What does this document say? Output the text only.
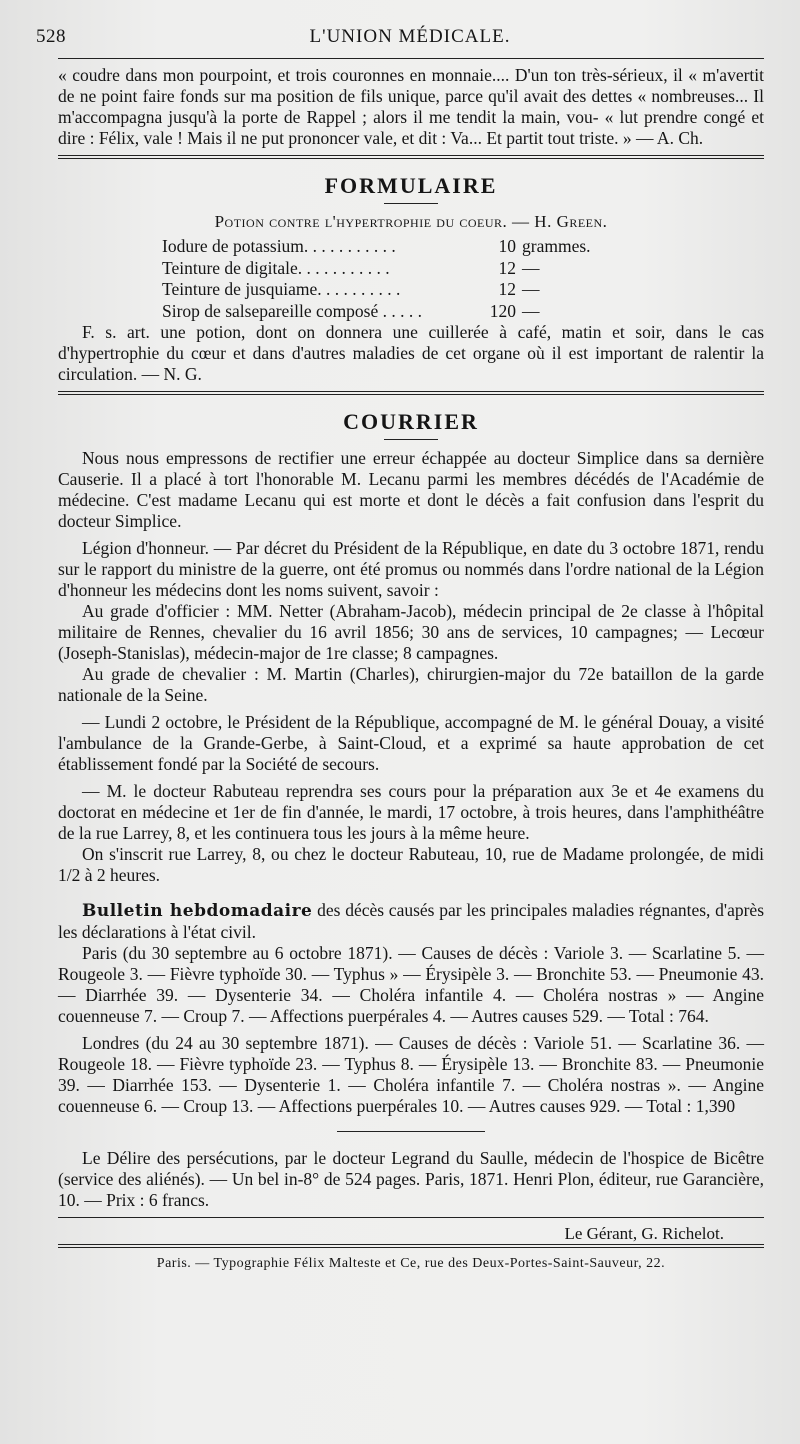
528	L'UNION MÉDICALE.

« coudre dans mon pourpoint, et trois couronnes en monnaie.... D'un ton très-sérieux, il « m'avertit de ne point faire fonds sur ma position de fils unique, parce qu'il avait des dettes « nombreuses... Il m'accompagna jusqu'à la porte de Rappel ; alors il me tendit la main, vou- « lut prendre congé et dire : Félix, vale ! Mais il ne put prononcer vale, et dit : Va... Et partit tout triste. » — A. Ch.

FORMULAIRE
Potion contre l'hypertrophie du coeur. — H. Green.
Iodure de potassium. . . . . . . . . . .	10 grammes.
Teinture de digitale. . . . . . . . . . .	12 —
Teinture de jusquiame. . . . . . . . . .	12 —
Sirop de salsepareille composé . . . . .	120 —

F. s. art. une potion, dont on donnera une cuillerée à café, matin et soir, dans le cas d'hypertrophie du cœur et dans d'autres maladies de cet organe où il est important de ralentir la circulation. — N. G.

COURRIER

Nous nous empressons de rectifier une erreur échappée au docteur Simplice dans sa dernière Causerie. Il a placé à tort l'honorable M. Lecanu parmi les membres décédés de l'Académie de médecine. C'est madame Lecanu qui est morte et dont le décès a fait confusion dans l'esprit du docteur Simplice.

Légion d'honneur. — Par décret du Président de la République, en date du 3 octobre 1871, rendu sur le rapport du ministre de la guerre, ont été promus ou nommés dans l'ordre national de la Légion d'honneur les médecins dont les noms suivent, savoir :

Au grade d'officier : MM. Netter (Abraham-Jacob), médecin principal de 2e classe à l'hôpital militaire de Rennes, chevalier du 16 avril 1856; 30 ans de services, 10 campagnes; — Lecœur (Joseph-Stanislas), médecin-major de 1re classe; 8 campagnes.

Au grade de chevalier : M. Martin (Charles), chirurgien-major du 72e bataillon de la garde nationale de la Seine.

— Lundi 2 octobre, le Président de la République, accompagné de M. le général Douay, a visité l'ambulance de la Grande-Gerbe, à Saint-Cloud, et a exprimé sa haute approbation de cet établissement fondé par la Société de secours.

— M. le docteur Rabuteau reprendra ses cours pour la préparation aux 3e et 4e examens du doctorat en médecine et 1er de fin d'année, le mardi, 17 octobre, à trois heures, dans l'amphithéâtre de la rue Larrey, 8, et les continuera tous les jours à la même heure.

On s'inscrit rue Larrey, 8, ou chez le docteur Rabuteau, 10, rue de Madame prolongée, de midi 1/2 à 2 heures.

Bulletin hebdomadaire des décès causés par les principales maladies régnantes, d'après les déclarations à l'état civil.

Paris (du 30 septembre au 6 octobre 1871). — Causes de décès : Variole 3. — Scarlatine 5. — Rougeole 3. — Fièvre typhoïde 30. — Typhus » — Érysipèle 3. — Bronchite 53. — Pneumonie 43. — Diarrhée 39. — Dysenterie 34. — Choléra infantile 4. — Choléra nostras » — Angine couenneuse 7. — Croup 7. — Affections puerpérales 4. — Autres causes 529. — Total : 764.

Londres (du 24 au 30 septembre 1871). — Causes de décès : Variole 51. — Scarlatine 36. — Rougeole 18. — Fièvre typhoïde 23. — Typhus 8. — Érysipèle 13. — Bronchite 83. — Pneumonie 39. — Diarrhée 153. — Dysenterie 1. — Choléra infantile 7. — Choléra nostras ». — Angine couenneuse 6. — Croup 13. — Affections puerpérales 10. — Autres causes 929. — Total : 1,390

Le Délire des persécutions, par le docteur Legrand du Saulle, médecin de l'hospice de Bicêtre (service des aliénés). — Un bel in-8° de 524 pages. Paris, 1871. Henri Plon, éditeur, rue Garancière, 10. — Prix : 6 francs.

Le Gérant, G. Richelot.
Paris. — Typographie Félix Malteste et Ce, rue des Deux-Portes-Saint-Sauveur, 22.
